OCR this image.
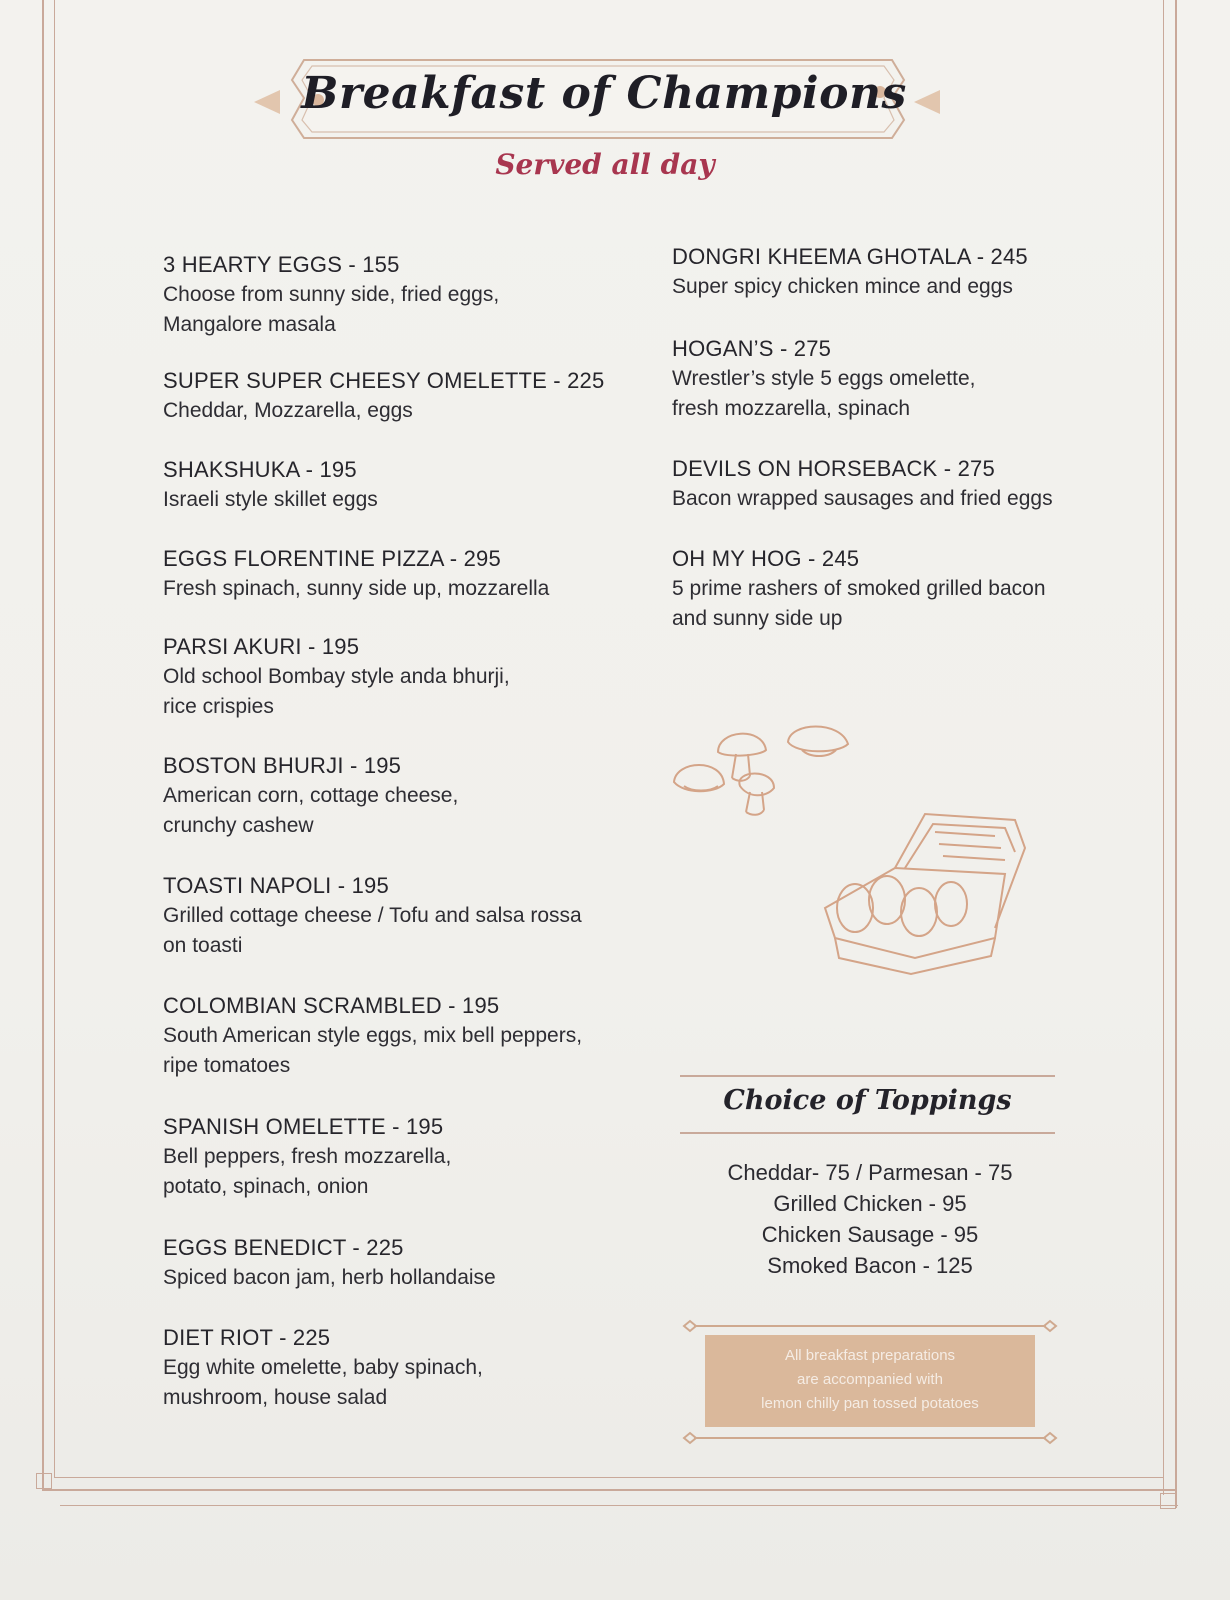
Breakfast of Champions
Served all day
3 HEARTY EGGS - 155
Choose from sunny side, fried eggs,
Mangalore masala
SUPER SUPER CHEESY OMELETTE - 225
Cheddar, Mozzarella, eggs
SHAKSHUKA - 195
Israeli style skillet eggs
EGGS FLORENTINE PIZZA - 295
Fresh spinach, sunny side up, mozzarella
PARSI AKURI - 195
Old school Bombay style anda bhurji,
rice crispies
BOSTON BHURJI - 195
American corn, cottage cheese,
crunchy cashew
TOASTI NAPOLI - 195
Grilled cottage cheese / Tofu and salsa rossa
on toasti
COLOMBIAN SCRAMBLED - 195
South American style eggs, mix bell peppers,
ripe tomatoes
SPANISH OMELETTE - 195
Bell peppers, fresh mozzarella,
potato, spinach, onion
EGGS BENEDICT - 225
Spiced bacon jam, herb hollandaise
DIET RIOT - 225
Egg white omelette, baby spinach,
mushroom, house salad
DONGRI KHEEMA GHOTALA - 245
Super spicy chicken mince and eggs
HOGAN’S - 275
Wrestler’s style 5 eggs omelette,
fresh mozzarella, spinach
DEVILS ON HORSEBACK - 275
Bacon wrapped sausages and fried eggs
OH MY HOG - 245
5 prime rashers of smoked grilled bacon
and sunny side up
Choice of Toppings
Cheddar- 75 / Parmesan - 75
Grilled Chicken - 95
Chicken Sausage - 95
Smoked Bacon - 125
All breakfast preparations
are accompanied with
lemon chilly pan tossed potatoes
